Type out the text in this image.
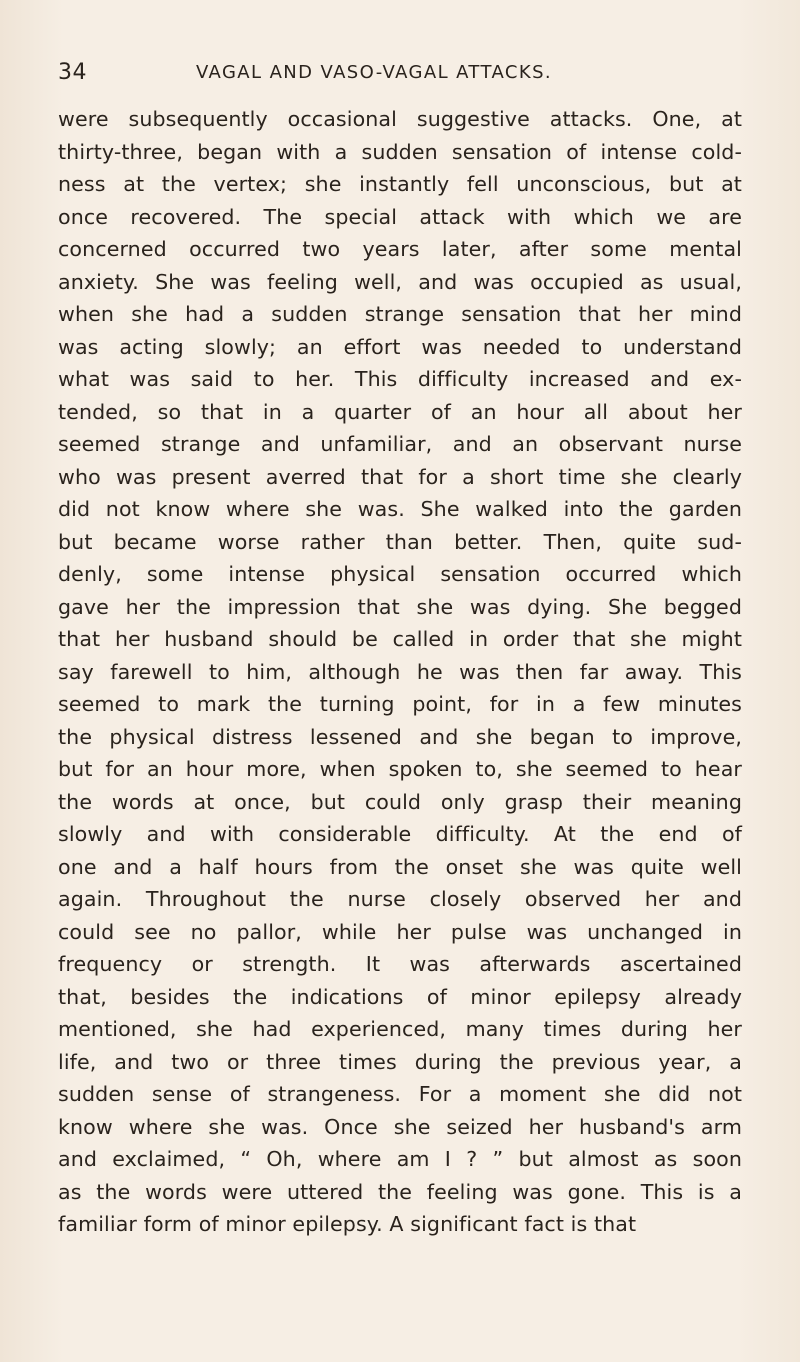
34	VAGAL AND VASO-VAGAL ATTACKS.
were subsequently occasional suggestive attacks. One, at
thirty-three, began with a sudden sensation of intense cold-
ness at the vertex; she instantly fell unconscious, but at
once recovered. The special attack with which we are
concerned occurred two years later, after some mental
anxiety. She was feeling well, and was occupied as usual,
when she had a sudden strange sensation that her mind
was acting slowly; an effort was needed to understand
what was said to her. This difficulty increased and ex-
tended, so that in a quarter of an hour all about her
seemed strange and unfamiliar, and an observant nurse
who was present averred that for a short time she clearly
did not know where she was. She walked into the garden
but became worse rather than better. Then, quite sud-
denly, some intense physical sensation occurred which
gave her the impression that she was dying. She begged
that her husband should be called in order that she might
say farewell to him, although he was then far away. This
seemed to mark the turning point, for in a few minutes
the physical distress lessened and she began to improve,
but for an hour more, when spoken to, she seemed to hear
the words at once, but could only grasp their meaning
slowly and with considerable difficulty. At the end of
one and a half hours from the onset she was quite well
again. Throughout the nurse closely observed her and
could see no pallor, while her pulse was unchanged in
frequency or strength. It was afterwards ascertained
that, besides the indications of minor epilepsy already
mentioned, she had experienced, many times during her
life, and two or three times during the previous year, a
sudden sense of strangeness. For a moment she did not
know where she was. Once she seized her husband's arm
and exclaimed, “ Oh, where am I ? ” but almost as soon
as the words were uttered the feeling was gone. This is a
familiar form of minor epilepsy. A significant fact is that
